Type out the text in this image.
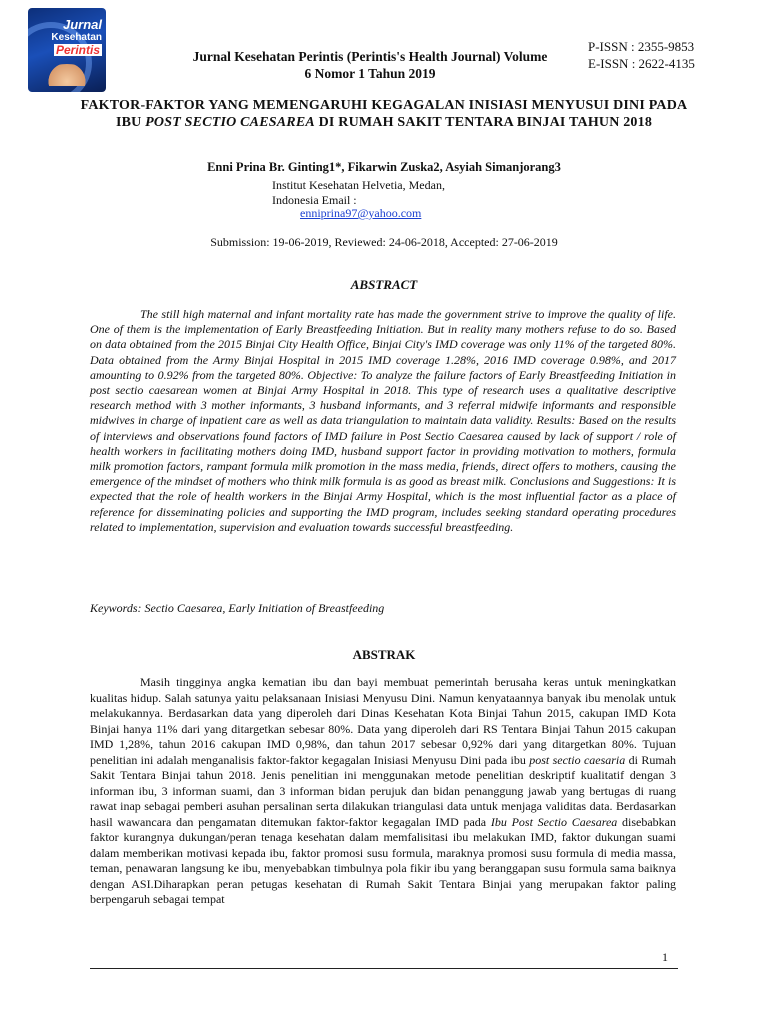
Jurnal
Kesehatan
Perintis	Jurnal Kesehatan Perintis (Perintis's Health Journal) Volume 6 Nomor 1 Tahun 2019
P-ISSN : 2355-9853
E-ISSN : 2622-4135
FAKTOR-FAKTOR YANG MEMENGARUHI KEGAGALAN INISIASI MENYUSUI DINI PADA IBU POST SECTIO CAESAREA DI RUMAH SAKIT TENTARA BINJAI TAHUN 2018
Enni Prina Br. Ginting1*, Fikarwin Zuska2, Asyiah Simanjorang3
Institut Kesehatan Helvetia, Medan,
Indonesia Email :
enniprina97@yahoo.com
Submission: 19-06-2019, Reviewed: 24-06-2018, Accepted: 27-06-2019
ABSTRACT

The still high maternal and infant mortality rate has made the government strive to improve the quality of life. One of them is the implementation of Early Breastfeeding Initiation. But in reality many mothers refuse to do so. Based on data obtained from the 2015 Binjai City Health Office, Binjai City's IMD coverage was only 11% of the targeted 80%. Data obtained from the Army Binjai Hospital in 2015 IMD coverage 1.28%, 2016 IMD coverage 0.98%, and 2017 amounting to 0.92% from the targeted 80%. Objective: To analyze the failure factors of Early Breastfeeding Initiation in post sectio caesarean women at Binjai Army Hospital in 2018. This type of research uses a qualitative descriptive research method with 3 mother informants, 3 husband informants, and 3 referral midwife informants and responsible midwives in charge of inpatient care as well as data triangulation to maintain data validity. Results: Based on the results of interviews and observations found factors of IMD failure in Post Sectio Caesarea caused by lack of support / role of health workers in facilitating mothers doing IMD, husband support factor in providing motivation to mothers, formula milk promotion factors, rampant formula milk promotion in the mass media, friends, direct offers to mothers, causing the emergence of the mindset of mothers who think milk formula is as good as breast milk. Conclusions and Suggestions: It is expected that the role of health workers in the Binjai Army Hospital, which is the most influential factor as a place of reference for disseminating policies and supporting the IMD program, includes seeking standard operating procedures related to implementation, supervision and evaluation towards successful breastfeeding.

Keywords: Sectio Caesarea, Early Initiation of Breastfeeding

ABSTRAK

Masih tingginya angka kematian ibu dan bayi membuat pemerintah berusaha keras untuk meningkatkan kualitas hidup. Salah satunya yaitu pelaksanaan Inisiasi Menyusu Dini. Namun kenyataannya banyak ibu menolak untuk melakukannya. Berdasarkan data yang diperoleh dari Dinas Kesehatan Kota Binjai Tahun 2015, cakupan IMD Kota Binjai hanya 11% dari yang ditargetkan sebesar 80%. Data yang diperoleh dari RS Tentara Binjai Tahun 2015 cakupan IMD 1,28%, tahun 2016 cakupan IMD 0,98%, dan tahun 2017 sebesar 0,92% dari yang ditargetkan 80%. Tujuan penelitian ini adalah menganalisis faktor-faktor kegagalan Inisiasi Menyusu Dini pada ibu post sectio caesaria di Rumah Sakit Tentara Binjai tahun 2018. Jenis penelitian ini menggunakan metode penelitian deskriptif kualitatif dengan 3 informan ibu, 3 informan suami, dan 3 informan bidan perujuk dan bidan penanggung jawab yang bertugas di ruang rawat inap sebagai pemberi asuhan persalinan serta dilakukan triangulasi data untuk menjaga validitas data. Berdasarkan hasil wawancara dan pengamatan ditemukan faktor-faktor kegagalan IMD pada Ibu Post Sectio Caesarea disebabkan faktor kurangnya dukungan/peran tenaga kesehatan dalam memfalisitasi ibu melakukan IMD, faktor dukungan suami dalam memberikan motivasi kepada ibu, faktor promosi susu formula, maraknya promosi susu formula di media massa, teman, penawaran langsung ke ibu, menyebabkan timbulnya pola fikir ibu yang beranggapan susu formula sama baiknya dengan ASI.Diharapkan peran petugas kesehatan di Rumah Sakit Tentara Binjai yang merupakan faktor paling berpengaruh sebagai tempat

1
